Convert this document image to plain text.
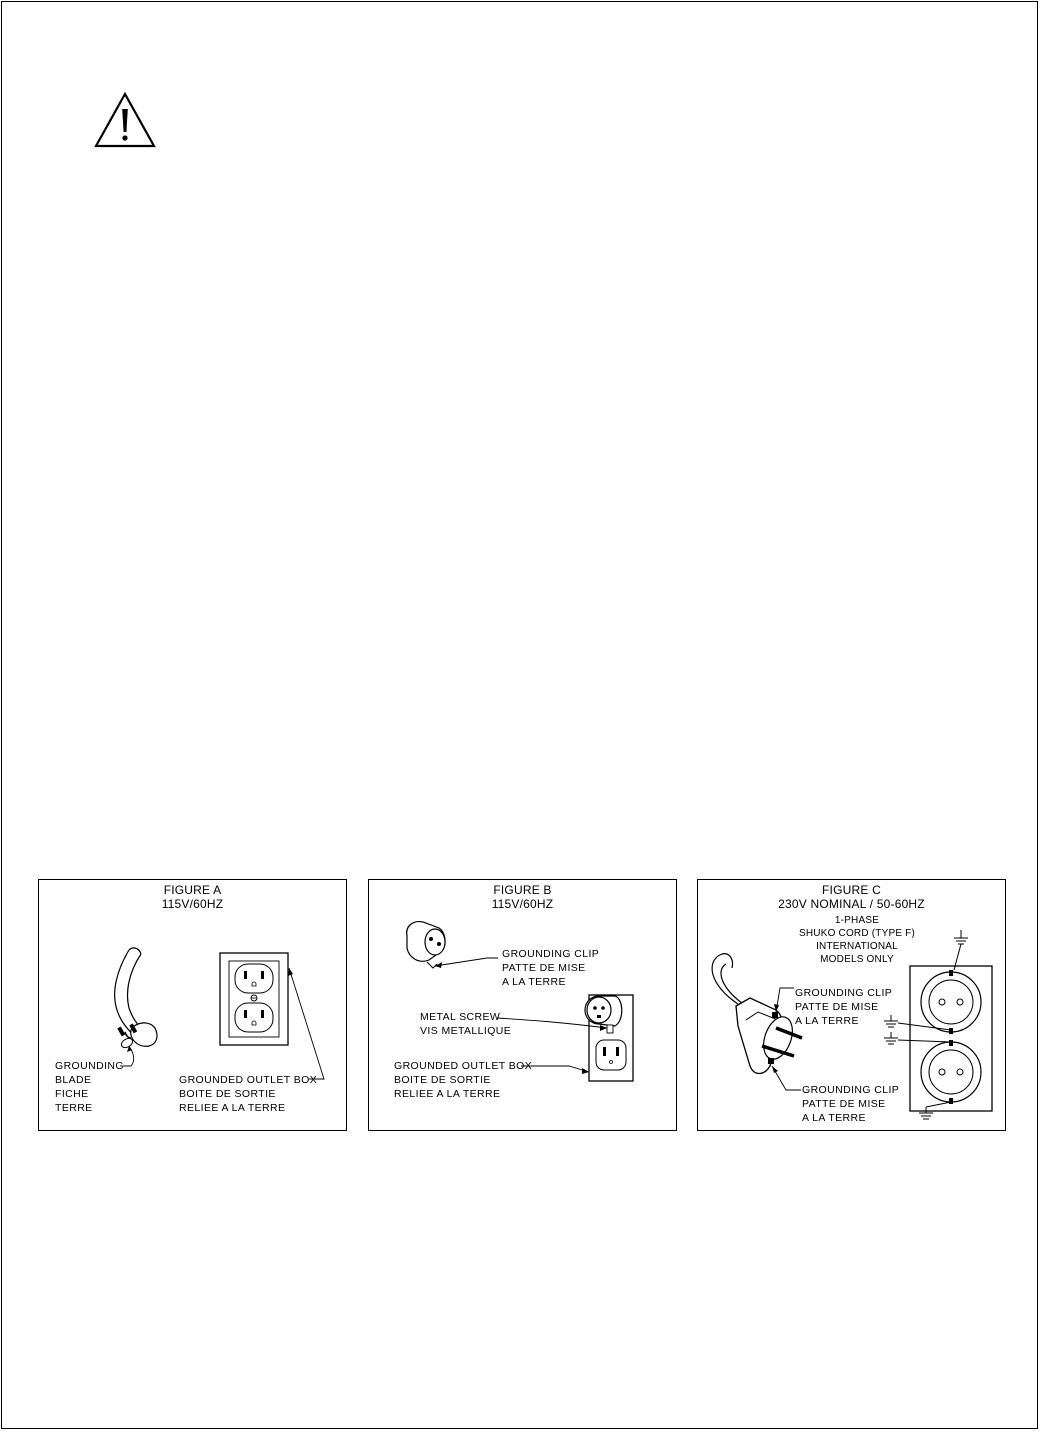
FIGURE A
115V/60HZ
GROUNDING
BLADE
FICHE
TERRE
GROUNDED OUTLET BOX
BOITE DE SORTIE
RELIEE A LA TERRE
FIGURE B
115V/60HZ
GROUNDING CLIP
PATTE DE MISE
A LA TERRE
METAL SCREW
VIS METALLIQUE
GROUNDED OUTLET BOX
BOITE DE SORTIE
RELIEE A LA TERRE
FIGURE C
230V NOMINAL / 50-60HZ
1-PHASE
SHUKO CORD (TYPE F)
INTERNATIONAL
MODELS ONLY
GROUNDING CLIP
PATTE DE MISE
A LA TERRE
GROUNDING CLIP
PATTE DE MISE
A LA TERRE
